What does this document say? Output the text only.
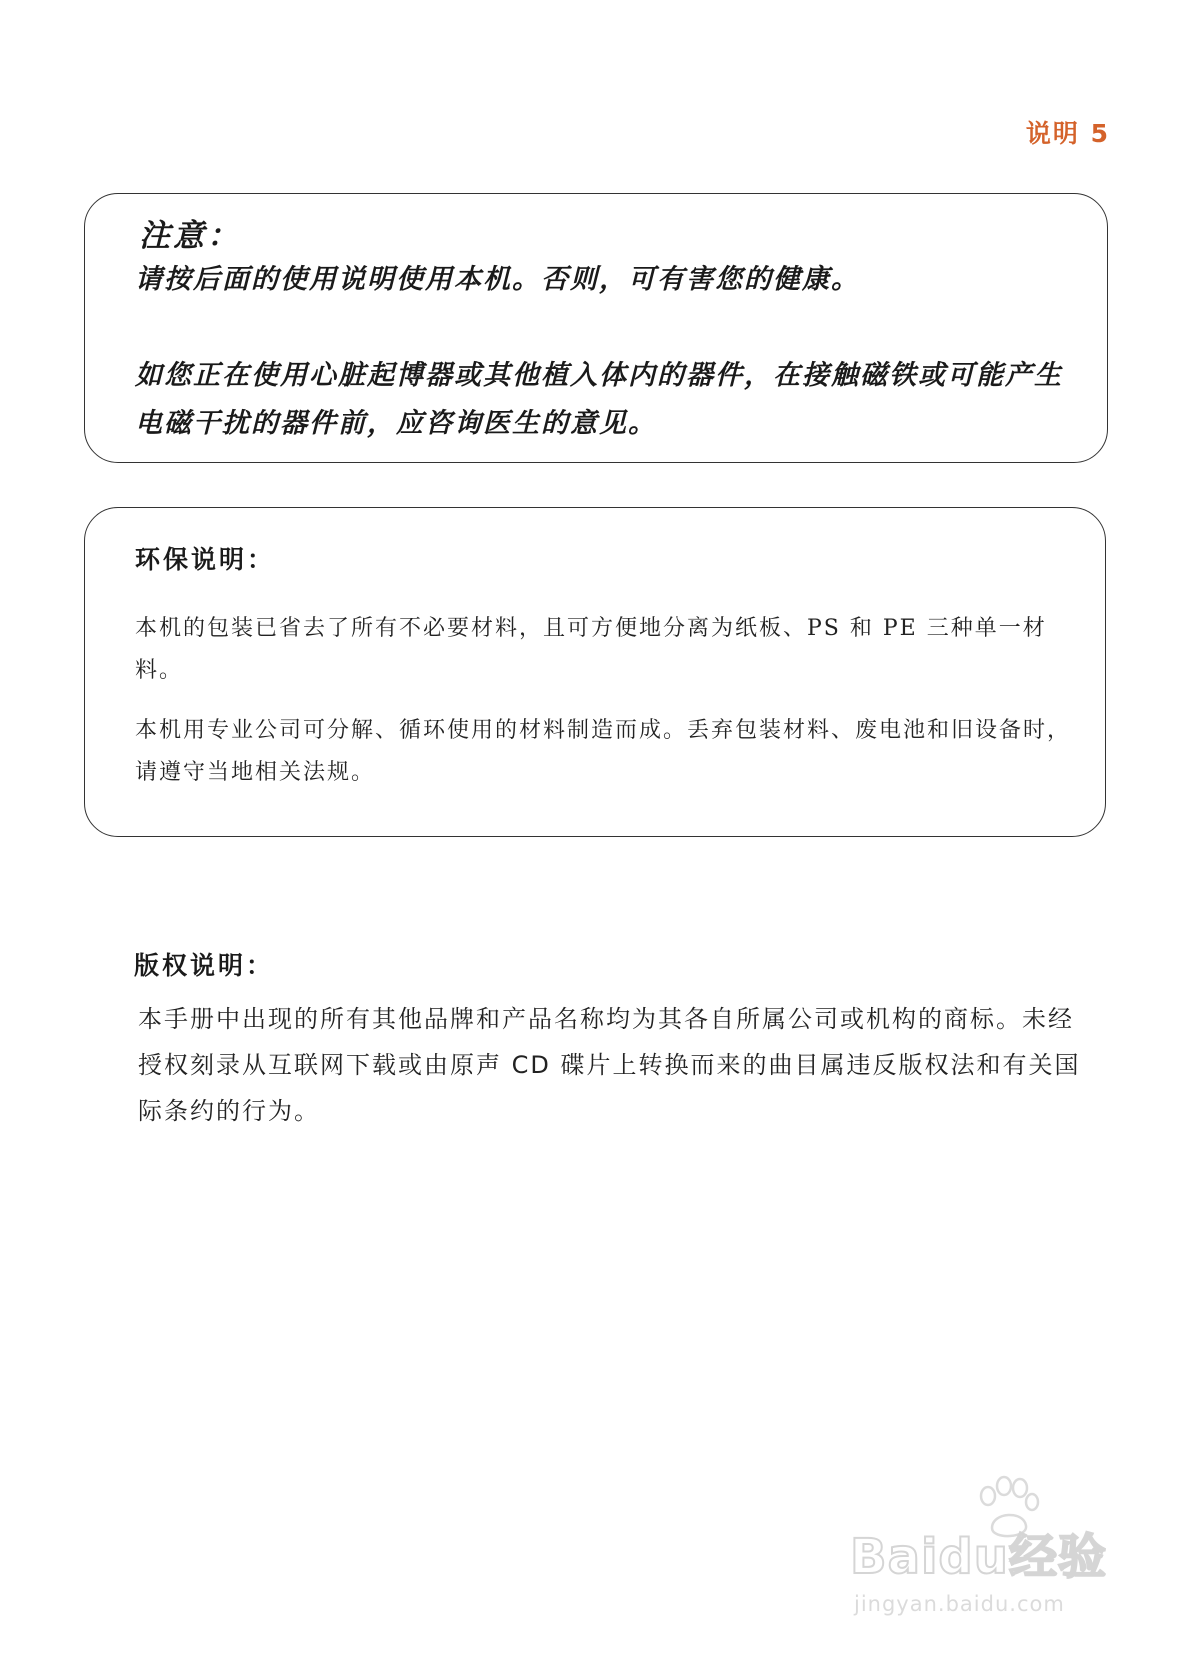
说明 5
注意：
请按后面的使用说明使用本机。否则，可有害您的健康。
如您正在使用心脏起博器或其他植入体内的器件，在接触磁铁或可能产生电磁干扰的器件前，应咨询医生的意见。
环保说明：
本机的包装已省去了所有不必要材料，且可方便地分离为纸板、PS 和 PE 三种单一材料。
本机用专业公司可分解、循环使用的材料制造而成。丢弃包装材料、废电池和旧设备时，请遵守当地相关法规。
版权说明：
本手册中出现的所有其他品牌和产品名称均为其各自所属公司或机构的商标。未经授权刻录从互联网下载或由原声 CD 碟片上转换而来的曲目属违反版权法和有关国际条约的行为。
Baidu经验
jingyan.baidu.com
